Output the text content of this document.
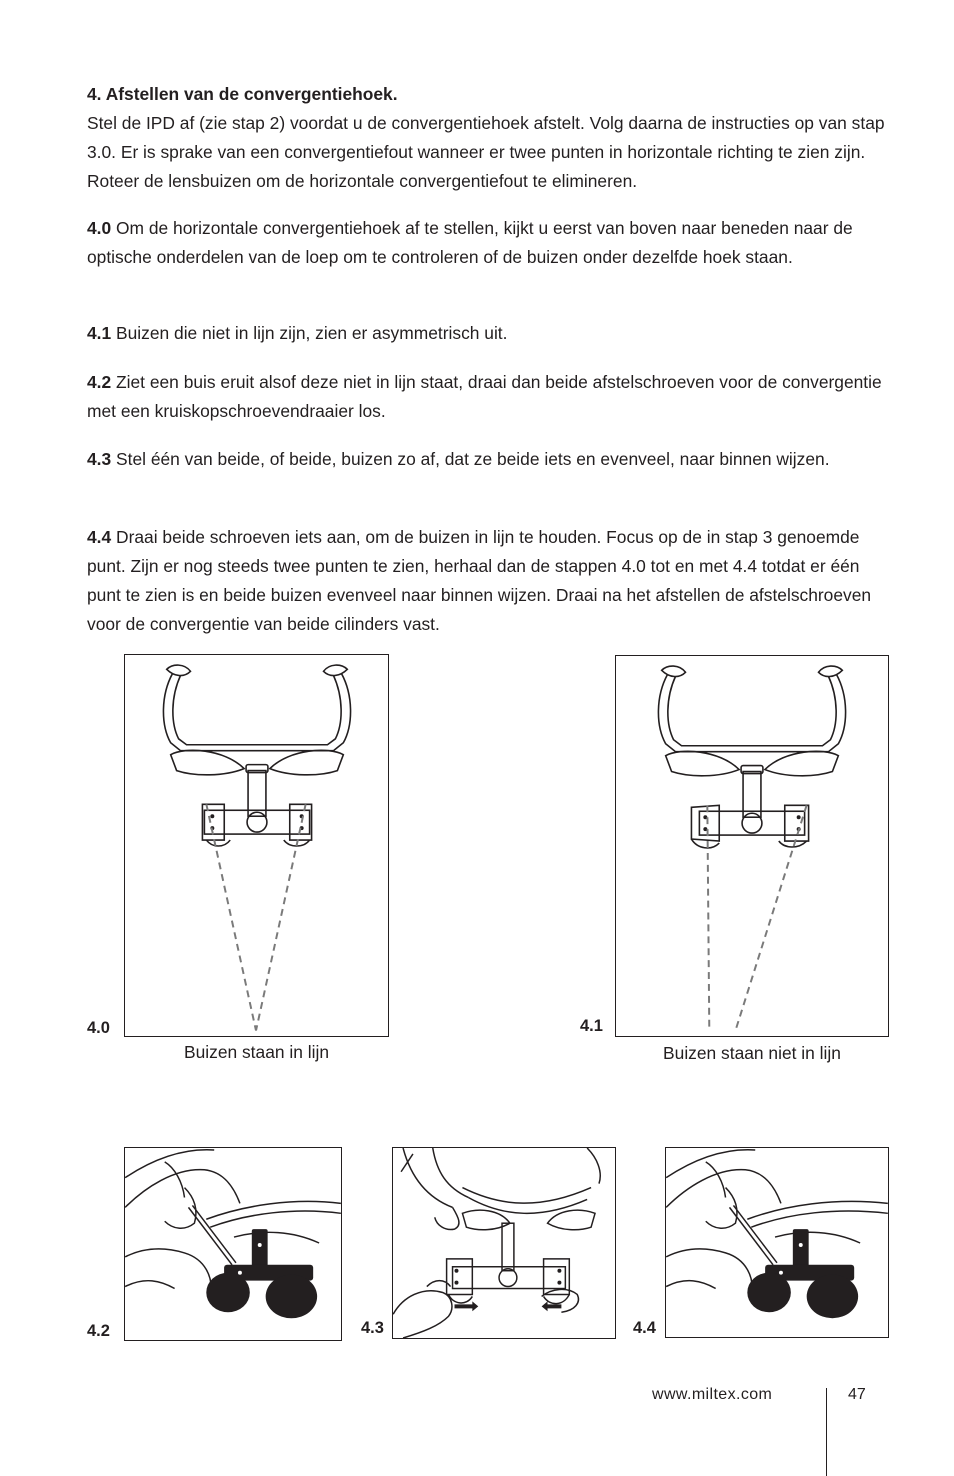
4. Afstellen van de convergentiehoek.

Stel de IPD af (zie stap 2) voordat u de convergentiehoek afstelt. Volg daarna de instructies op van stap 3.0. Er is sprake van een convergentiefout wanneer er twee punten in horizontale richting te zien zijn. Roteer de lensbuizen om de horizontale convergentiefout te elimineren.

4.0 Om de horizontale convergentiehoek af te stellen, kijkt u eerst van boven naar beneden naar de optische onderdelen van de loep om te controleren of de buizen onder dezelfde hoek staan.

4.1 Buizen die niet in lijn zijn, zien er asymmetrisch uit.

4.2 Ziet een buis eruit alsof deze niet in lijn staat, draai dan beide afstelschroeven voor de convergentie met een kruiskopschroevendraaier los.

4.3 Stel één van beide, of beide, buizen zo af, dat ze beide iets en evenveel, naar binnen wijzen.

4.4 Draai beide schroeven iets aan, om de buizen in lijn te houden. Focus op de in stap 3 genoemde punt. Zijn er nog steeds twee punten te zien, herhaal dan de stappen 4.0 tot en met 4.4 totdat er één punt te zien is en beide buizen evenveel naar binnen wijzen. Draai na het afstellen de afstelschroeven voor de convergentie van beide cilinders vast.

4.0
Buizen staan in lijn
4.1
Buizen staan niet in lijn
4.2	4.3	4.4
www.miltex.com	47
